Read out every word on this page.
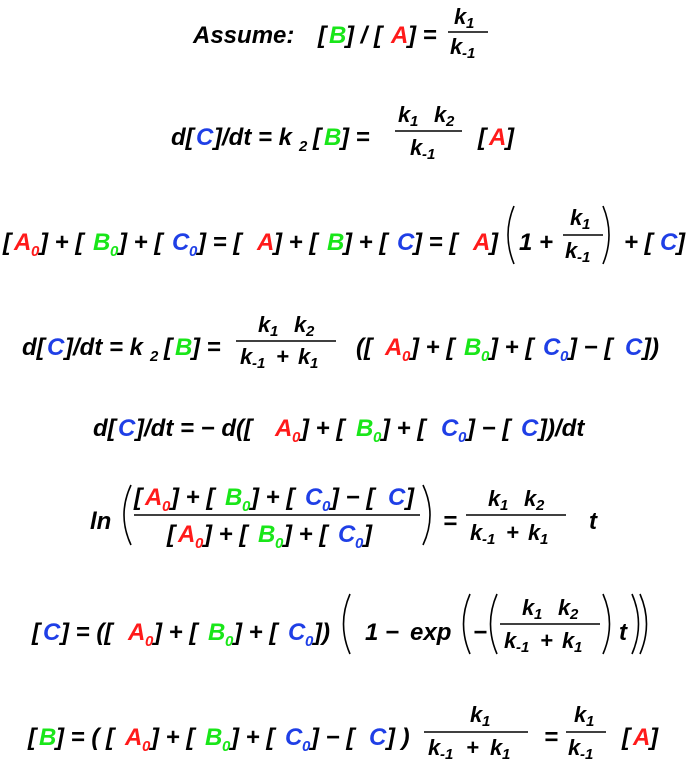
Assume: [ B ] / [ A ] =
k 1
k -1
d[ C ]/dt = k 2 [ B ] =
k 1 k 2
k -1
[ A ]
[ A 0 ] + [ B 0 ] + [ C 0 ] = [ A ] + [ B ] + [ C ] = [ A ] 1 +
k 1
k -1
+ [ C ]
d[ C ]/dt = k 2 [ B ] =
k 1 k 2
k -1 + k 1
([ A 0 ] + [ B 0 ] + [ C 0 ] − [ C ])
d[ C ]/dt = − d([ A 0 ] + [ B 0 ] + [ C 0 ] − [ C ])/dt
ln
[ A 0 ] + [ B 0 ] + [ C 0 ] − [ C ]
[ A 0 ] + [ B 0 ] + [ C 0 ]	=
k 1 k 2
k -1 + k 1
t
[ C ] = ([ A 0 ] + [ B 0 ] + [ C 0 ]) 1 − exp −
k 1 k 2
k -1 + k 1
t
[ B ] = ( [ A 0 ] + [ B 0 ] + [ C 0 ] − [ C ] )
k 1
k -1 + k 1
=
k 1
k -1
[ A ]
